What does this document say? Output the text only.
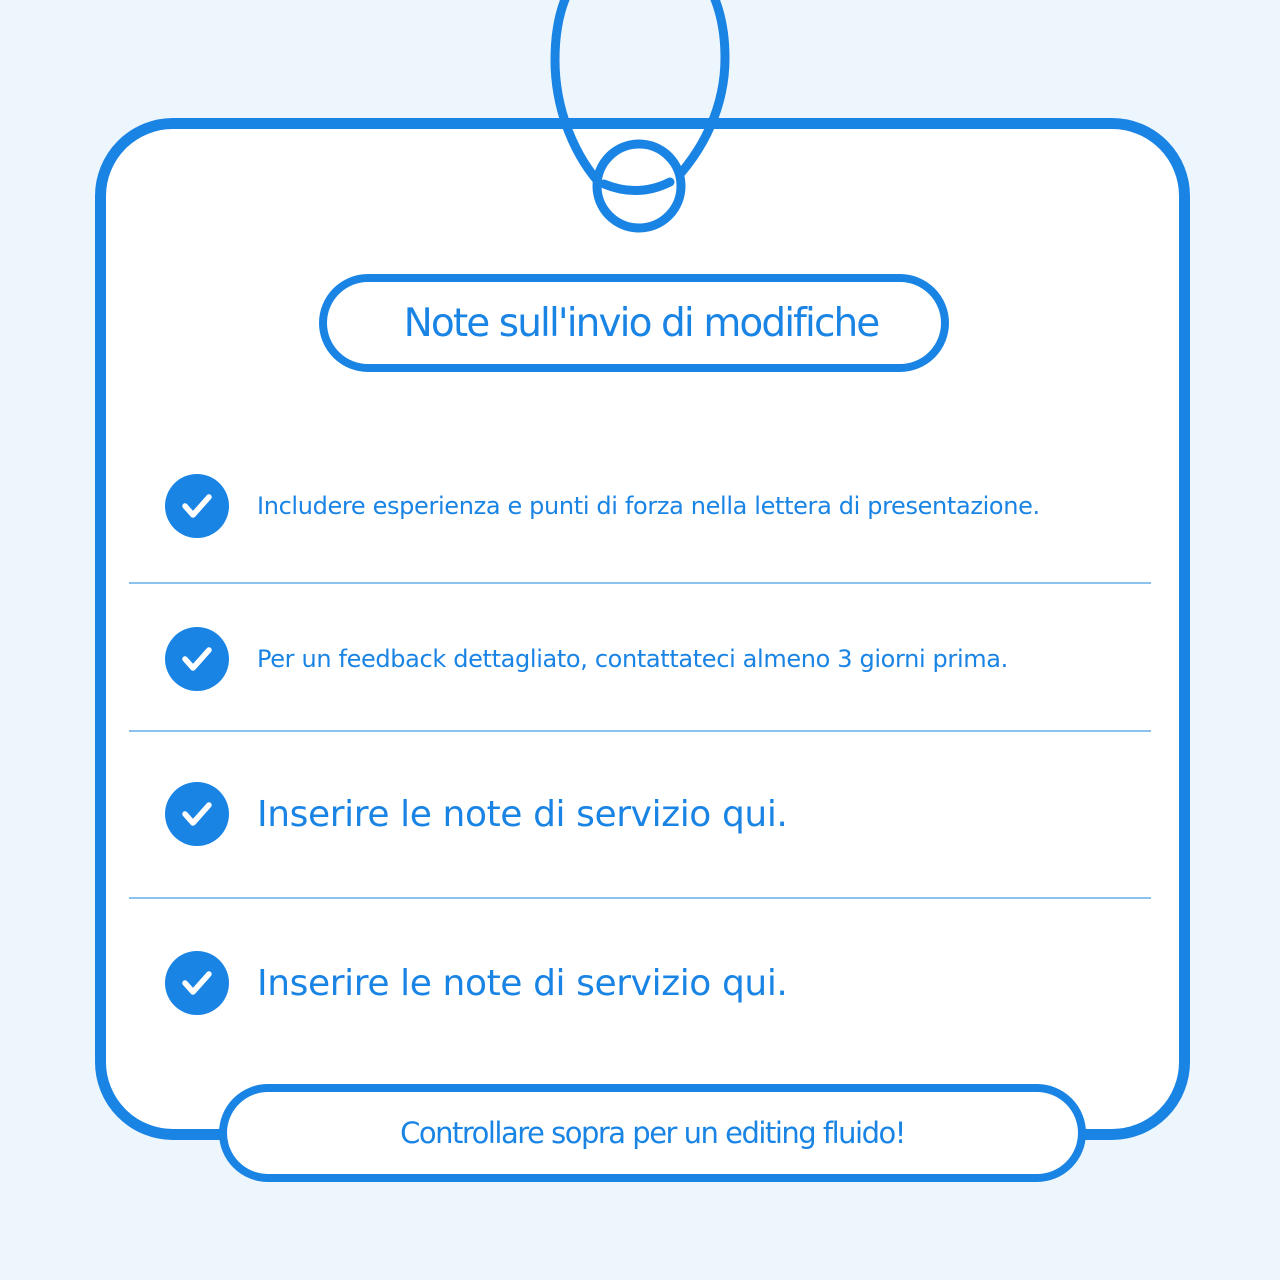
Note sull'invio di modifiche
Includere esperienza e punti di forza nella lettera di presentazione.
Per un feedback dettagliato, contattateci almeno 3 giorni prima.
Inserire le note di servizio qui.
Inserire le note di servizio qui.
Controllare sopra per un editing fluido!
